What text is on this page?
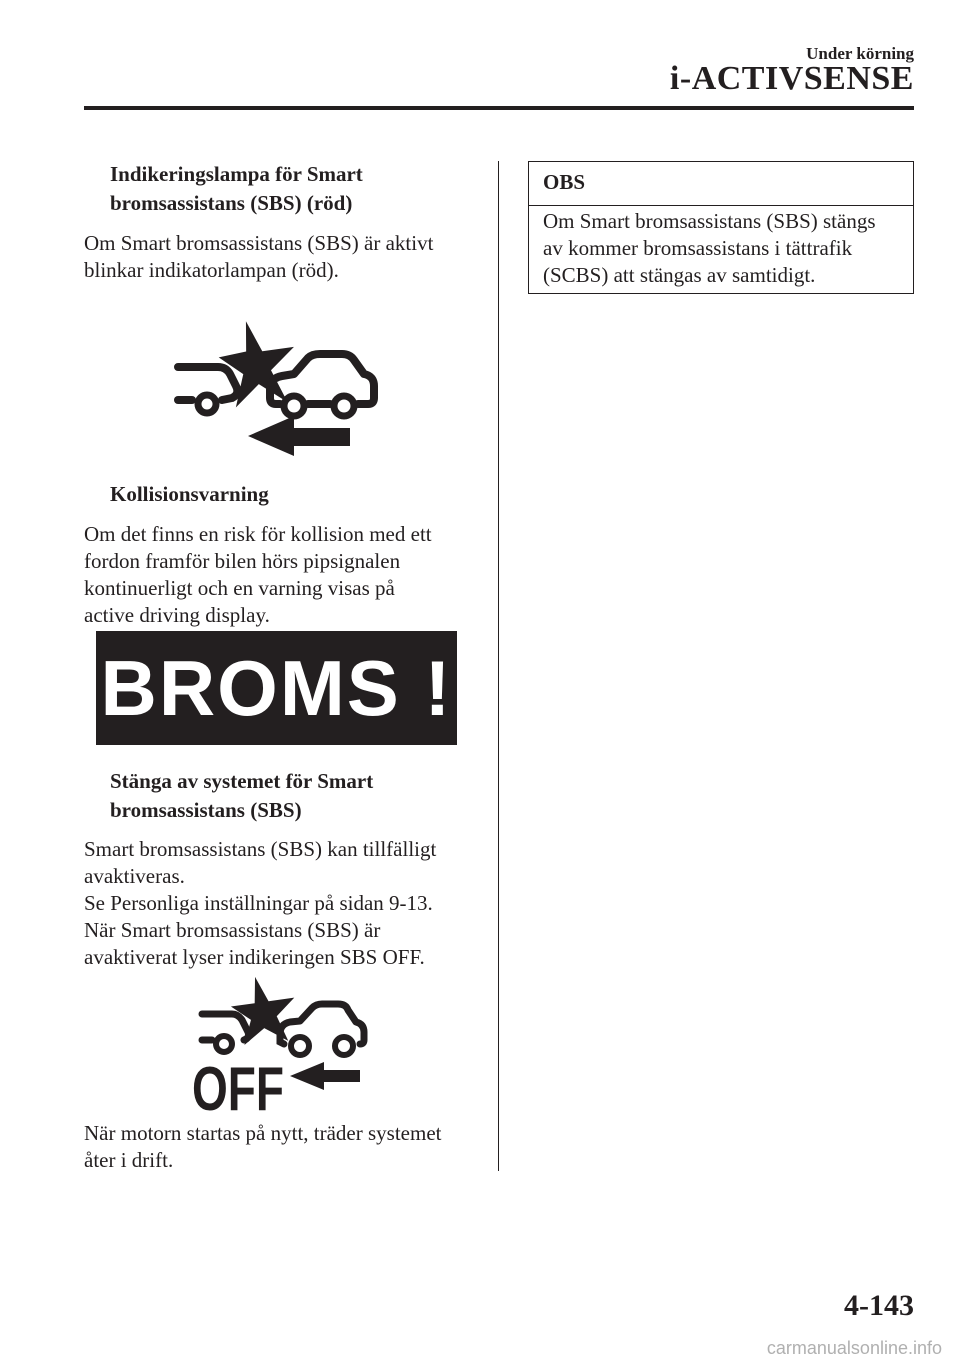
Under körning
i-ACTIVSENSE
Indikeringslampa för Smart
bromsassistans (SBS) (röd)
Om Smart bromsassistans (SBS) är aktivt
blinkar indikatorlampan (röd).
Kollisionsvarning
Om det finns en risk för kollision med ett
fordon framför bilen hörs pipsignalen
kontinuerligt och en varning visas på
active driving display.
BROMS !
Stänga av systemet för Smart
bromsassistans (SBS)
Smart bromsassistans (SBS) kan tillfälligt
avaktiveras.
Se Personliga inställningar på sidan 9-13.
När Smart bromsassistans (SBS) är
avaktiverat lyser indikeringen SBS OFF.
OFF
När motorn startas på nytt, träder systemet
åter i drift.
OBS
Om Smart bromsassistans (SBS) stängs
av kommer bromsassistans i tättrafik
(SCBS) att stängas av samtidigt.
4-143
carmanualsonline.info
